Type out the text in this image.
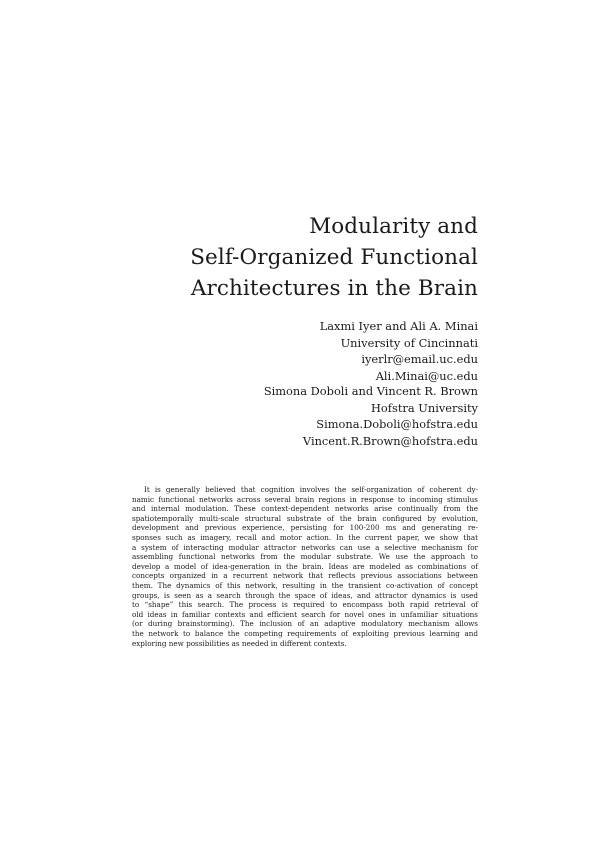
Modularity and
Self-Organized Functional
Architectures in the Brain
Laxmi Iyer and Ali A. Minai
University of Cincinnati
iyerlr@email.uc.edu
Ali.Minai@uc.edu
Simona Doboli and Vincent R. Brown
Hofstra University
Simona.Doboli@hofstra.edu
Vincent.R.Brown@hofstra.edu
It is generally believed that cognition involves the self-organization of coherent dy-
namic functional networks across several brain regions in response to incoming stimulus
and internal modulation. These context-dependent networks arise continually from the
spatiotemporally multi-scale structural substrate of the brain configured by evolution,
development and previous experience, persisting for 100-200 ms and generating re-
sponses such as imagery, recall and motor action. In the current paper, we show that
a system of interacting modular attractor networks can use a selective mechanism for
assembling functional networks from the modular substrate. We use the approach to
develop a model of idea-generation in the brain. Ideas are modeled as combinations of
concepts organized in a recurrent network that reflects previous associations between
them. The dynamics of this network, resulting in the transient co-activation of concept
groups, is seen as a search through the space of ideas, and attractor dynamics is used
to “shape” this search. The process is required to encompass both rapid retrieval of
old ideas in familiar contexts and efficient search for novel ones in unfamiliar situations
(or during brainstorming). The inclusion of an adaptive modulatory mechanism allows
the network to balance the competing requirements of exploiting previous learning and
exploring new possibilities as needed in different contexts.
